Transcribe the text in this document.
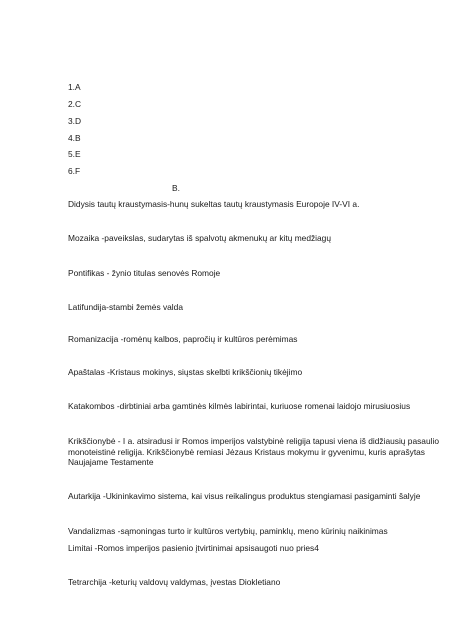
1.A
2.C
3.D
4.B
5.E
6.F
B.
Didysis tautų kraustymasis-hunų sukeltas tautų kraustymasis Europoje IV-VI a.
Mozaika -paveikslas, sudarytas iš spalvotų akmenukų ar kitų medžiagų
Pontifikas - žynio titulas senovės Romoje
Latifundija-stambi žemės valda
Romanizacija -romėnų kalbos, papročių ir kultūros perėmimas
Apaštalas -Kristaus mokinys, siųstas skelbti krikščionių tikėjimo
Katakombos -dirbtiniai arba gamtinės kilmės labirintai, kuriuose romenai laidojo mirusiuosius
Krikščionybė - I a. atsiradusi ir Romos imperijos valstybinė religija tapusi viena iš didžiausių pasaulio monoteistinė religija. Krikščionybė remiasi Jėzaus Kristaus mokymu ir gyvenimu, kuris aprašytas Naujajame Testamente
Autarkija -Ukininkavimo sistema, kai visus reikalingus produktus stengiamasi pasigaminti šalyje
Vandalizmas -sąmoningas turto ir kultūros vertybių, paminklų, meno kūrinių naikinimas
Limitai -Romos imperijos pasienio įtvirtinimai apsisaugoti nuo pries4
Tetrarchija -keturių valdovų valdymas, įvestas Diokletiano
